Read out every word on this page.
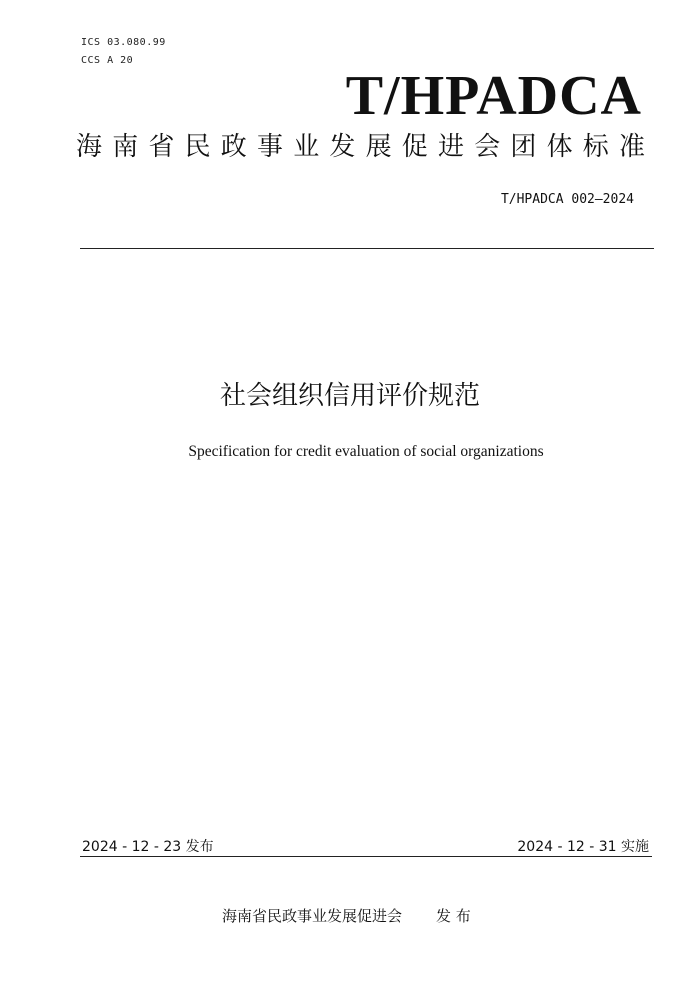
ICS 03.080.99
CCS A 20
T/HPADCA
海南省民政事业发展促进会团体标准
T/HPADCA 002—2024
社会组织信用评价规范
Specification for credit evaluation of social organizations
2024 - 12 - 23 发布	2024 - 12 - 31 实施
海南省民政事业发展促进会 发 布
